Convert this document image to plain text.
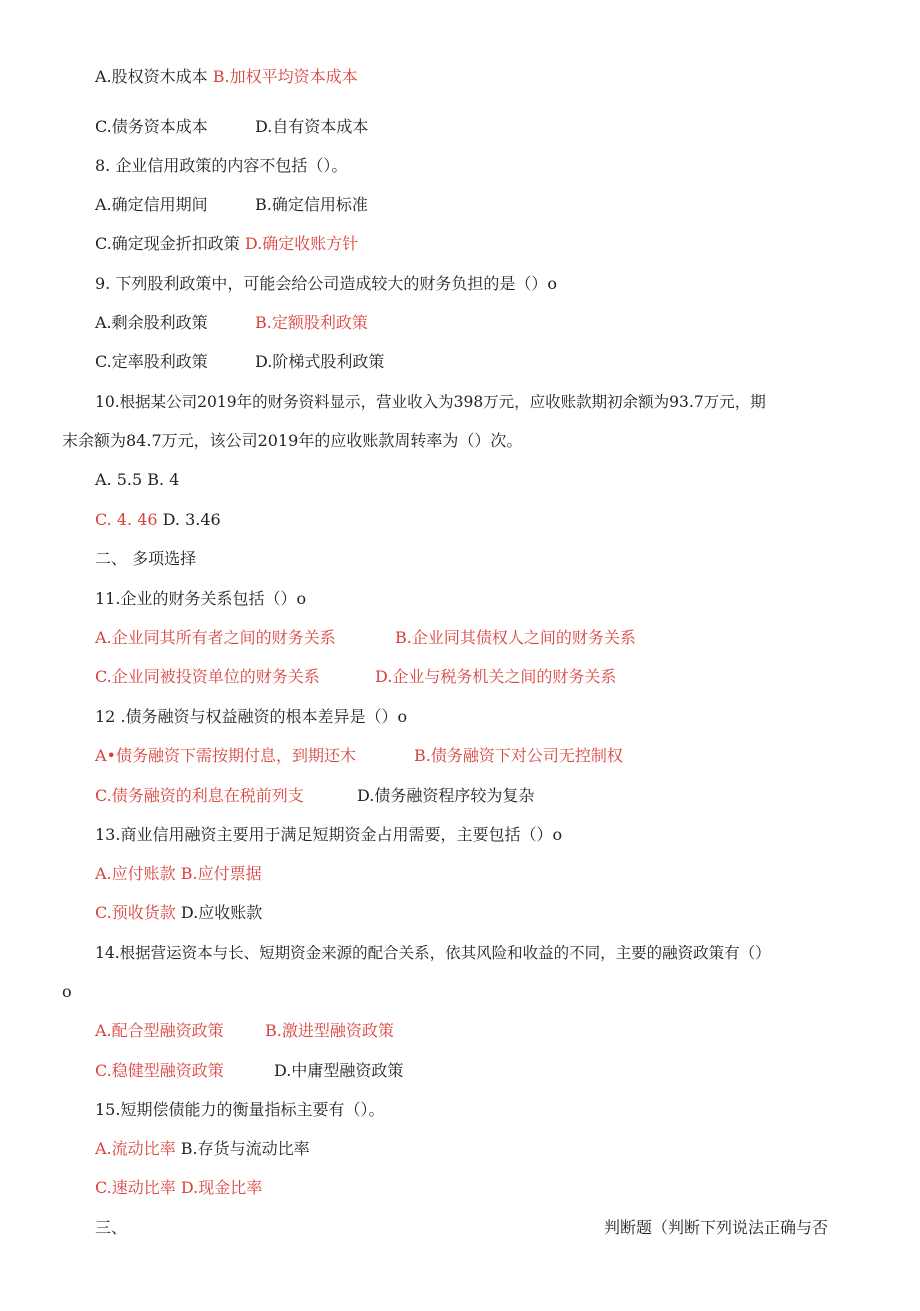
A.股权资木成本 B.加权平均资本成本
C.债务资本成本	D.自有资本成本
8. 企业信用政策的内容不包括（）。
A.确定信用期间	B.确定信用标准
C.确定现金折扣政策 D.确定收账方针
9. 下列股利政策中，可能会给公司造成较大的财务负担的是（）o
A.剩余股利政策	B.定额股利政策
C.定率股利政策	D.阶梯式股利政策
10.根据某公司2019年的财务资料显示，营业收入为398万元，应收账款期初余额为93.7万元，期
末余额为84.7万元，该公司2019年的应收账款周转率为（）次。
A. 5.5 B. 4
C. 4. 46 D. 3.46
二、 多项选择
11.企业的财务关系包括（）o
A.企业同其所有者之间的财务关系	B.企业同其债权人之间的财务关系
C.企业同被投资单位的财务关系	D.企业与税务机关之间的财务关系
12 .债务融资与权益融资的根本差异是（）o
A•债务融资下需按期付息，到期还木	B.债务融资下对公司无控制权
C.债务融资的利息在税前列支	D.债务融资程序较为复杂
13.商业信用融资主要用于满足短期资金占用需要，主要包括（）o
A.应付账款 B.应付票据
C.预收货款 D.应收账款
14.根据营运资本与长、短期资金来源的配合关系，依其风险和收益的不同，主要的融资政策有（）
o
A.配合型融资政策	B.激进型融资政策
C.稳健型融资政策	D.中庸型融资政策
15.短期偿债能力的衡量指标主要有（）。
A.流动比率 B.存货与流动比率
C.速动比率 D.现金比率
三、	判断题（判断下列说法正确与否
